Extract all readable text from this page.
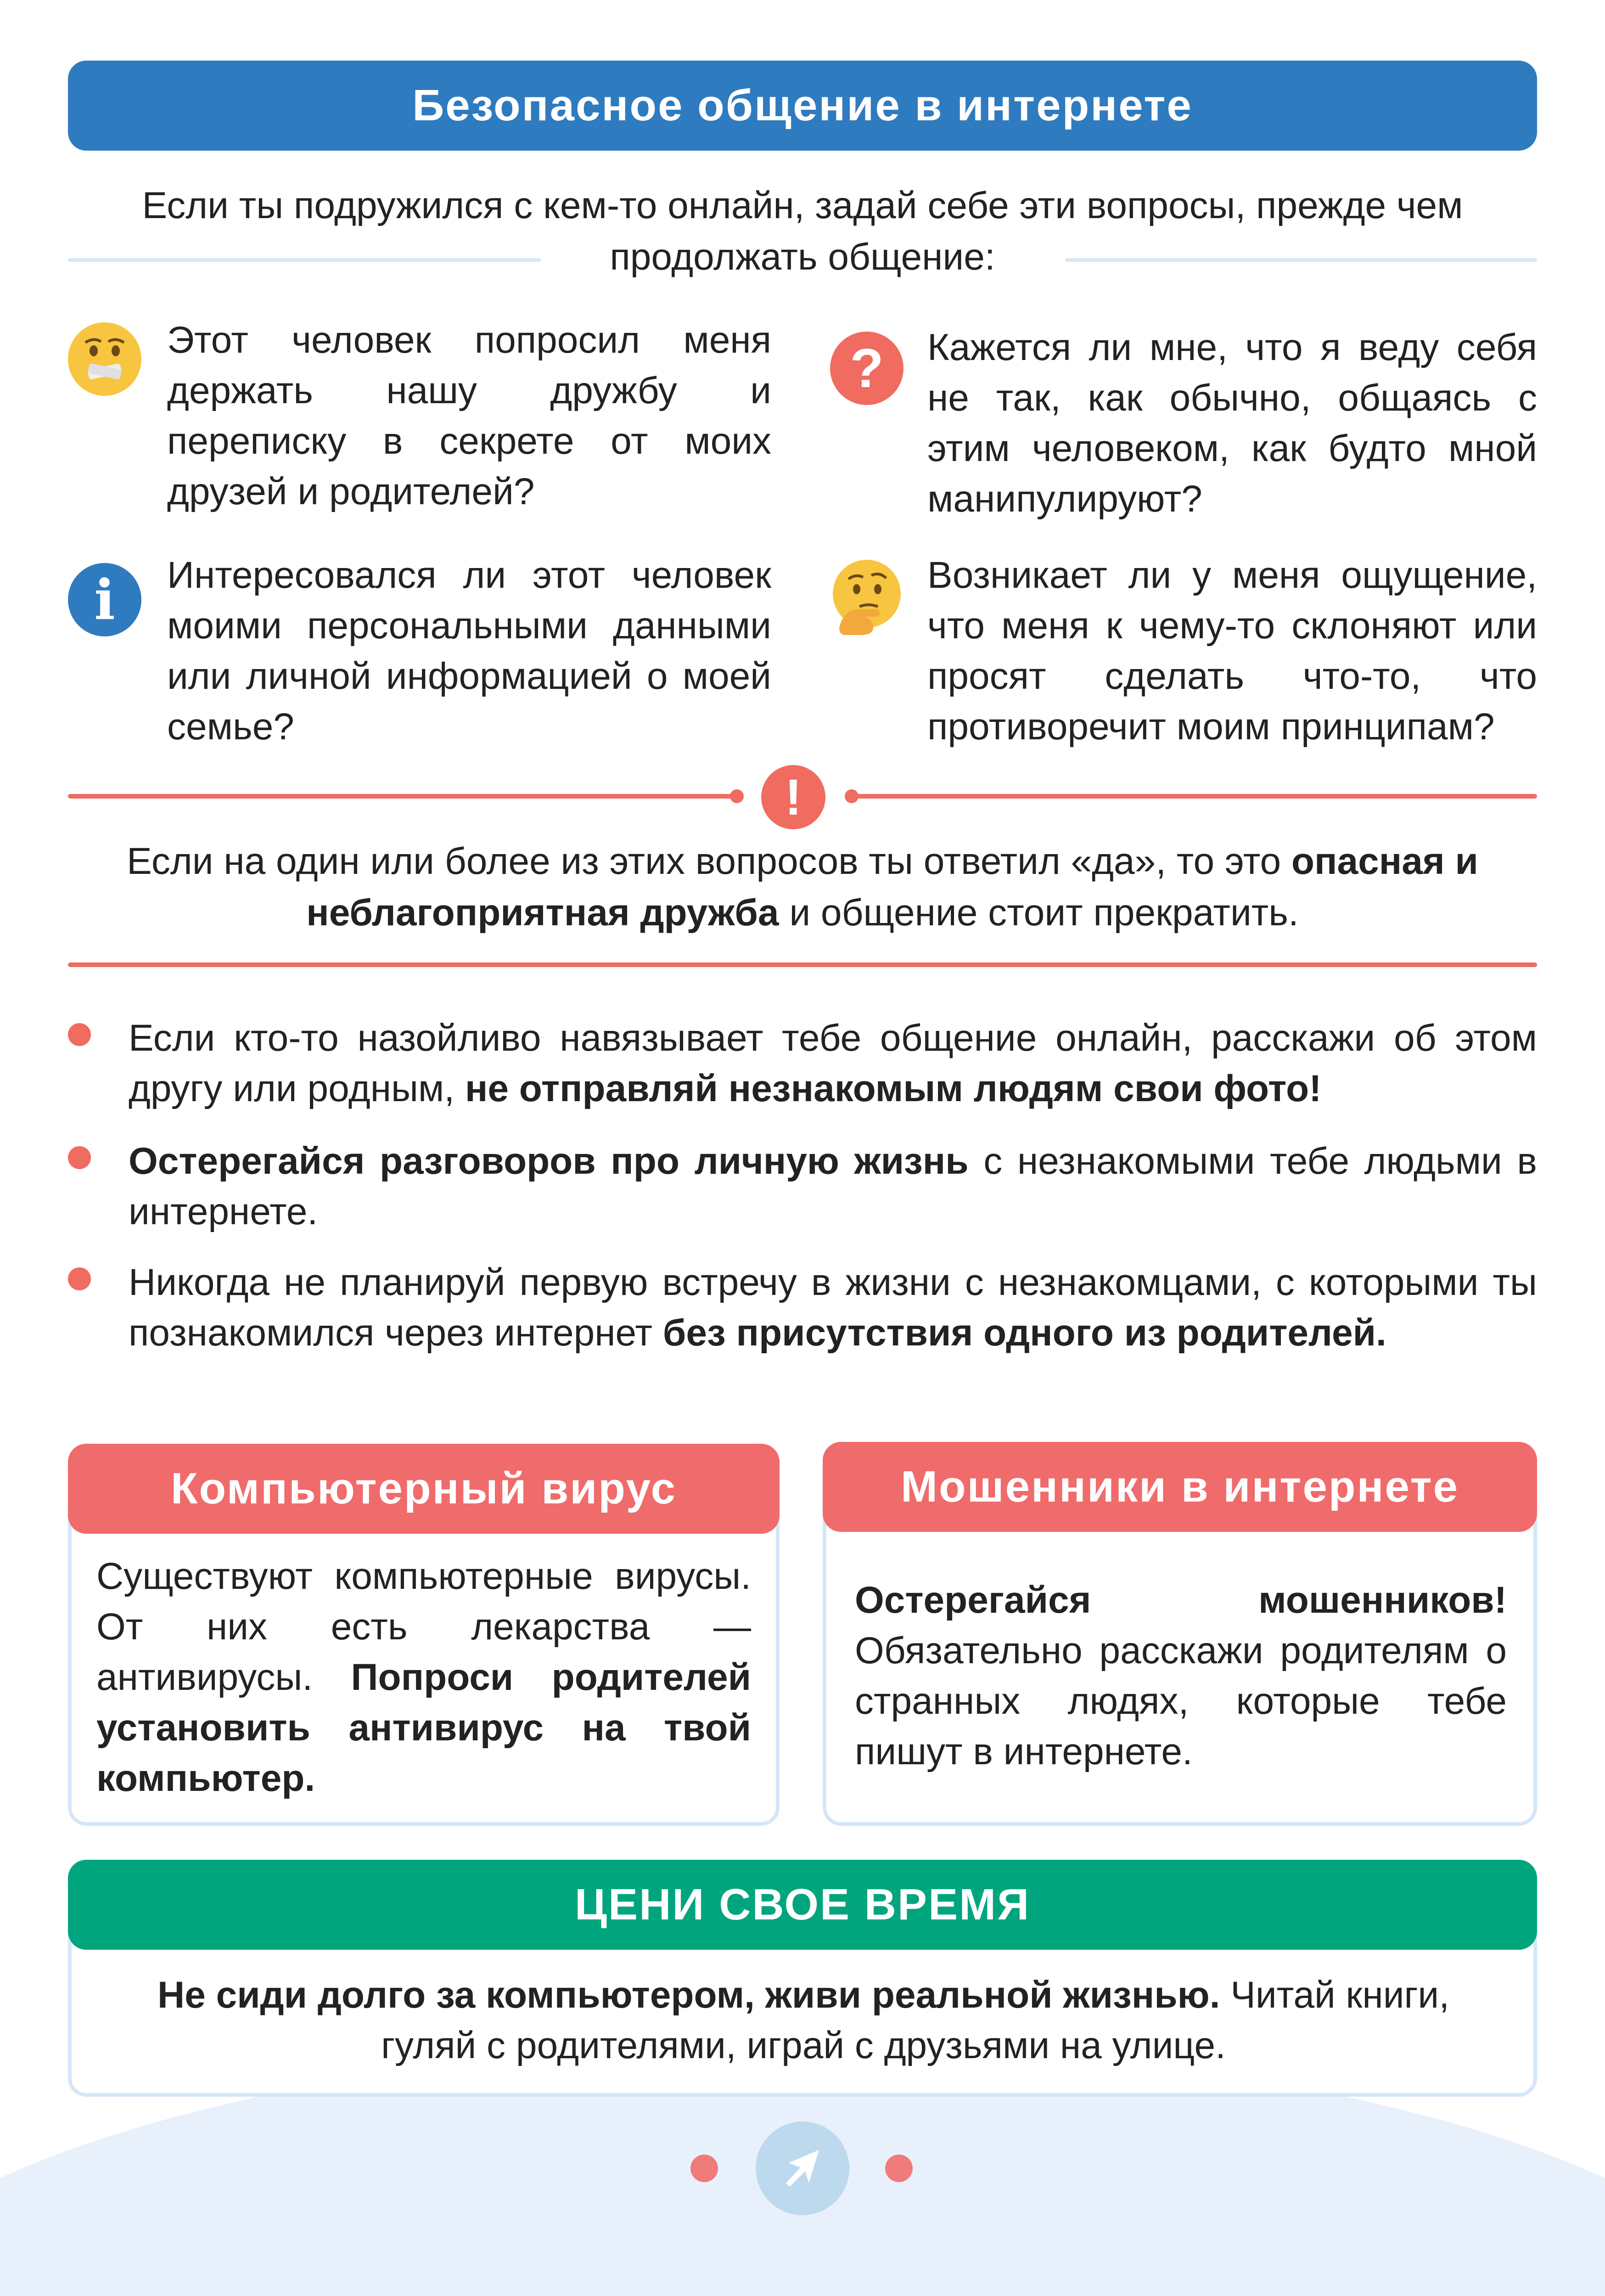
Безопасное общение в интернете
Если ты подружился с кем-то онлайн, задай себе эти вопросы, прежде чем продолжать общение:
Этот человек попросил меня держать нашу дружбу и переписку в секрете от моих друзей и родителей?
? Кажется ли мне, что я веду себя не так, как обычно, общаясь с этим человеком, как будто мной манипулируют?
i Интересовался ли этот человек моими персональными данными или личной информацией о моей семье?
Возникает ли у меня ощущение, что меня к чему-то склоняют или просят сделать что-то, что противоречит моим принципам?
!
Если на один или более из этих вопросов ты ответил «да», то это опасная и неблагоприятная дружба и общение стоит прекратить.
Если кто-то назойливо навязывает тебе общение онлайн, расскажи об этом другу или родным, не отправляй незнакомым людям свои фото!
Остерегайся разговоров про личную жизнь с незнакомыми тебе людьми в интернете.
Никогда не планируй первую встречу в жизни с незнакомцами, с которыми ты познакомился через интернет без присутствия одного из родителей.
Компьютерный вирус
Существуют компьютерные вирусы. От них есть лекарства — антивирусы. Попроси родителей установить антивирус на твой компьютер.
Мошенники в интернете
Остерегайся мошенников! Обязательно расскажи родителям о странных людях, которые тебе пишут в интернете.
ЦЕНИ СВОЕ ВРЕМЯ
Не сиди долго за компьютером, живи реальной жизнью. Читай книги, гуляй с родителями, играй с друзьями на улице.
